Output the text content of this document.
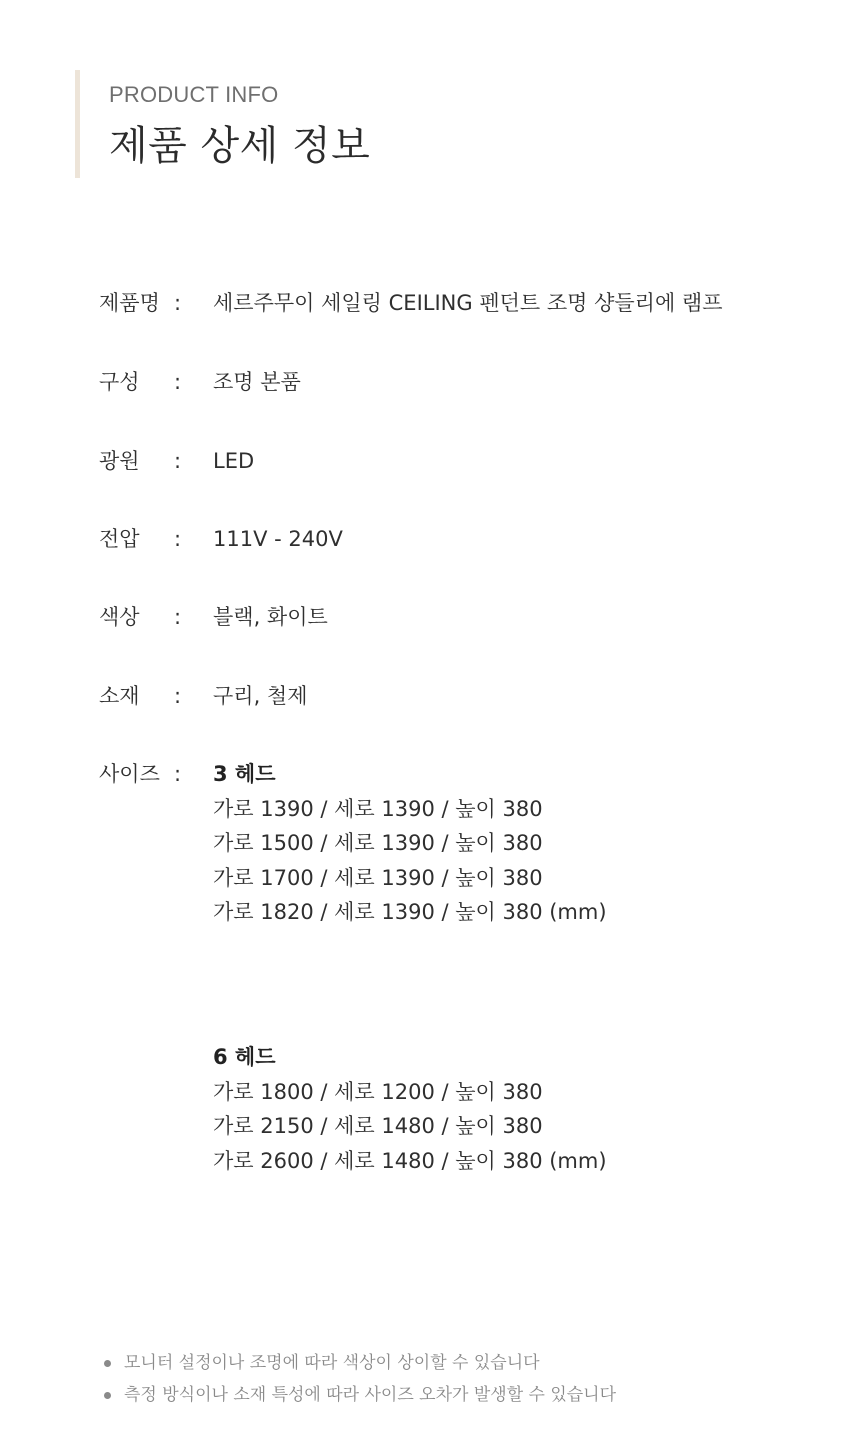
PRODUCT INFO
제품 상세 정보
제품명 : 세르주무이 세일링 CEILING 펜던트 조명 샹들리에 램프
구성	: 조명 본품
광원	: LED
전압	: 111V - 240V
색상	: 블랙, 화이트
소재	: 구리, 철제
사이즈 : 3 헤드
가로 1390 / 세로 1390 / 높이 380
가로 1500 / 세로 1390 / 높이 380
가로 1700 / 세로 1390 / 높이 380
가로 1820 / 세로 1390 / 높이 380 (mm)
6 헤드
가로 1800 / 세로 1200 / 높이 380
가로 2150 / 세로 1480 / 높이 380
가로 2600 / 세로 1480 / 높이 380 (mm)
모니터 설정이나 조명에 따라 색상이 상이할 수 있습니다
측정 방식이나 소재 특성에 따라 사이즈 오차가 발생할 수 있습니다
